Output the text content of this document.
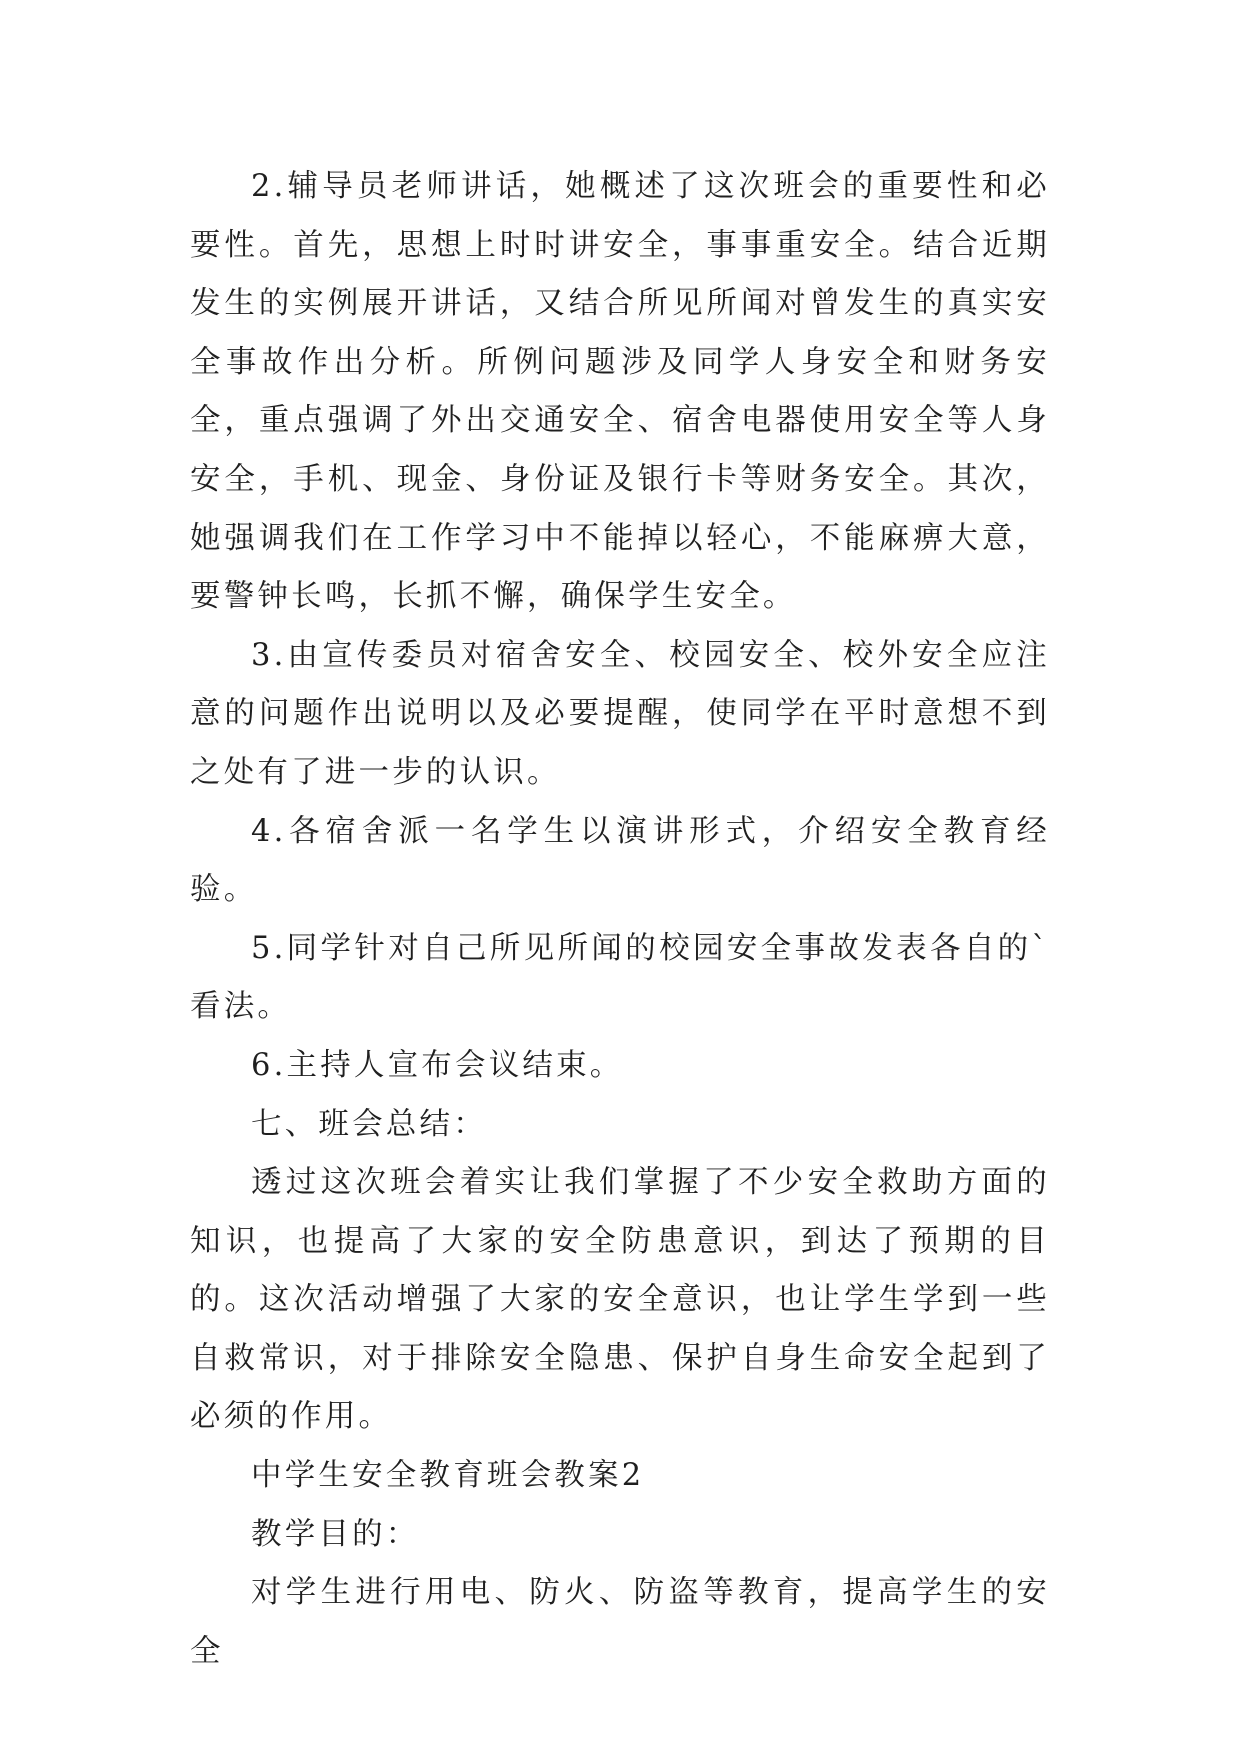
2.辅导员老师讲话，她概述了这次班会的重要性和必要性。首先，思想上时时讲安全，事事重安全。结合近期发生的实例展开讲话，又结合所见所闻对曾发生的真实安全事故作出分析。所例问题涉及同学人身安全和财务安全，重点强调了外出交通安全、宿舍电器使用安全等人身安全，手机、现金、身份证及银行卡等财务安全。其次，她强调我们在工作学习中不能掉以轻心，不能麻痹大意，要警钟长鸣，长抓不懈，确保学生安全。

3.由宣传委员对宿舍安全、校园安全、校外安全应注意的问题作出说明以及必要提醒，使同学在平时意想不到之处有了进一步的认识。

4.各宿舍派一名学生以演讲形式，介绍安全教育经验。

5.同学针对自己所见所闻的校园安全事故发表各自的`看法。

6.主持人宣布会议结束。

七、班会总结：

透过这次班会着实让我们掌握了不少安全救助方面的知识，也提高了大家的安全防患意识，到达了预期的目的。这次活动增强了大家的安全意识，也让学生学到一些自救常识，对于排除安全隐患、保护自身生命安全起到了必须的作用。

中学生安全教育班会教案2

教学目的：

对学生进行用电、防火、防盗等教育，提高学生的安全
